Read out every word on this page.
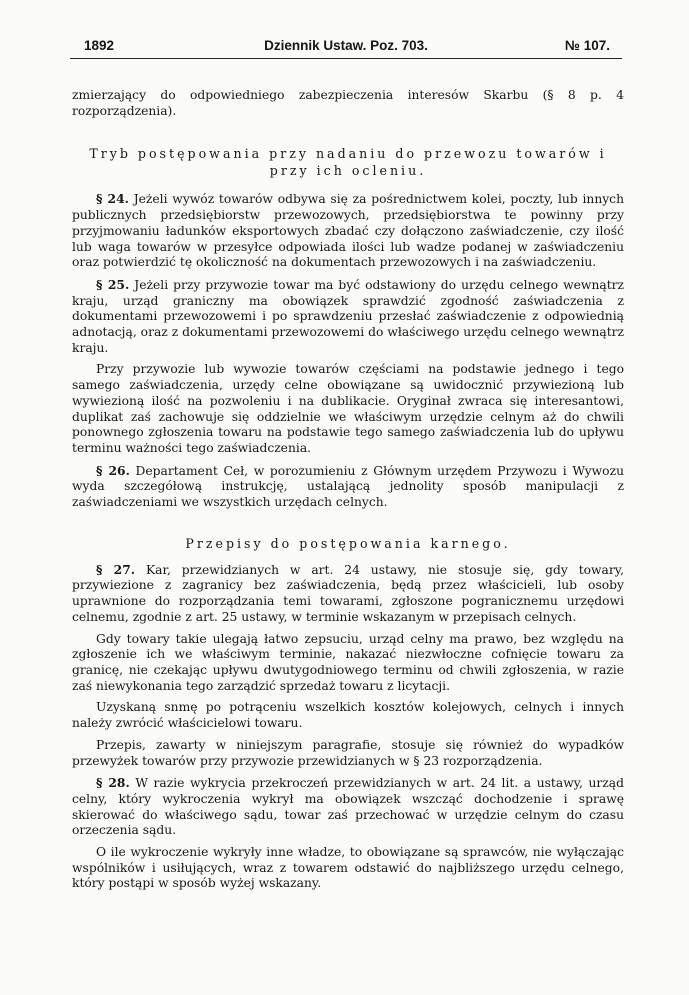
1892	Dziennik Ustaw. Poz. 703.	№ 107.

zmierzający do odpowiedniego zabezpieczenia interesów Skarbu (§ 8 p. 4 rozporządzenia).

Tryb postępowania przy nadaniu do przewozu towarów i przy ich ocleniu.

§ 24. Jeżeli wywóz towarów odbywa się za pośrednictwem kolei, poczty, lub innych publicznych przedsiębiorstw przewozowych, przedsiębiorstwa te powinny przy przyjmowaniu ładunków eksportowych zbadać czy dołączono zaświadczenie, czy ilość lub waga towarów w przesyłce odpowiada ilości lub wadze podanej w zaświadczeniu oraz potwierdzić tę okoliczność na dokumentach przewozowych i na zaświadczeniu.

§ 25. Jeżeli przy przywozie towar ma być odstawiony do urzędu celnego wewnątrz kraju, urząd graniczny ma obowiązek sprawdzić zgodność zaświadczenia z dokumentami przewozowemi i po sprawdzeniu przesłać zaświadczenie z odpowiednią adnotacją, oraz z dokumentami przewozowemi do właściwego urzędu celnego wewnątrz kraju.

Przy przywozie lub wywozie towarów częściami na podstawie jednego i tego samego zaświadczenia, urzędy celne obowiązane są uwidocznić przywiezioną lub wywiezioną ilość na pozwoleniu i na dublikacie. Oryginał zwraca się interesantowi, duplikat zaś zachowuje się oddzielnie we właściwym urzędzie celnym aż do chwili ponownego zgłoszenia towaru na podstawie tego samego zaświadczenia lub do upływu terminu ważności tego zaświadczenia.

§ 26. Departament Ceł, w porozumieniu z Głównym urzędem Przywozu i Wywozu wyda szczegółową instrukcję, ustalającą jednolity sposób manipulacji z zaświadczeniami we wszystkich urzędach celnych.

Przepisy do postępowania karnego.

§ 27. Kar, przewidzianych w art. 24 ustawy, nie stosuje się, gdy towary, przywiezione z zagranicy bez zaświadczenia, będą przez właścicieli, lub osoby uprawnione do rozporządzania temi towarami, zgłoszone pogranicznemu urzędowi celnemu, zgodnie z art. 25 ustawy, w terminie wskazanym w przepisach celnych.

Gdy towary takie ulegają łatwo zepsuciu, urząd celny ma prawo, bez względu na zgłoszenie ich we właściwym terminie, nakazać niezwłoczne cofnięcie towaru za granicę, nie czekając upływu dwutygodniowego terminu od chwili zgłoszenia, w razie zaś niewykonania tego zarządzić sprzedaż towaru z licytacji.

Uzyskaną snmę po potrąceniu wszelkich kosztów kolejowych, celnych i innych należy zwrócić właścicielowi towaru.

Przepis, zawarty w niniejszym paragrafie, stosuje się również do wypadków przewyżek towarów przy przywozie przewidzianych w § 23 rozporządzenia.

§ 28. W razie wykrycia przekroczeń przewidzianych w art. 24 lit. a ustawy, urząd celny, który wykroczenia wykrył ma obowiązek wszcząć dochodzenie i sprawę skierować do właściwego sądu, towar zaś przechować w urzędzie celnym do czasu orzeczenia sądu.

O ile wykroczenie wykryły inne władze, to obowiązane są sprawców, nie wyłączając wspólników i usiłujących, wraz z towarem odstawić do najbliższego urzędu celnego, który postąpi w sposób wyżej wskazany.
